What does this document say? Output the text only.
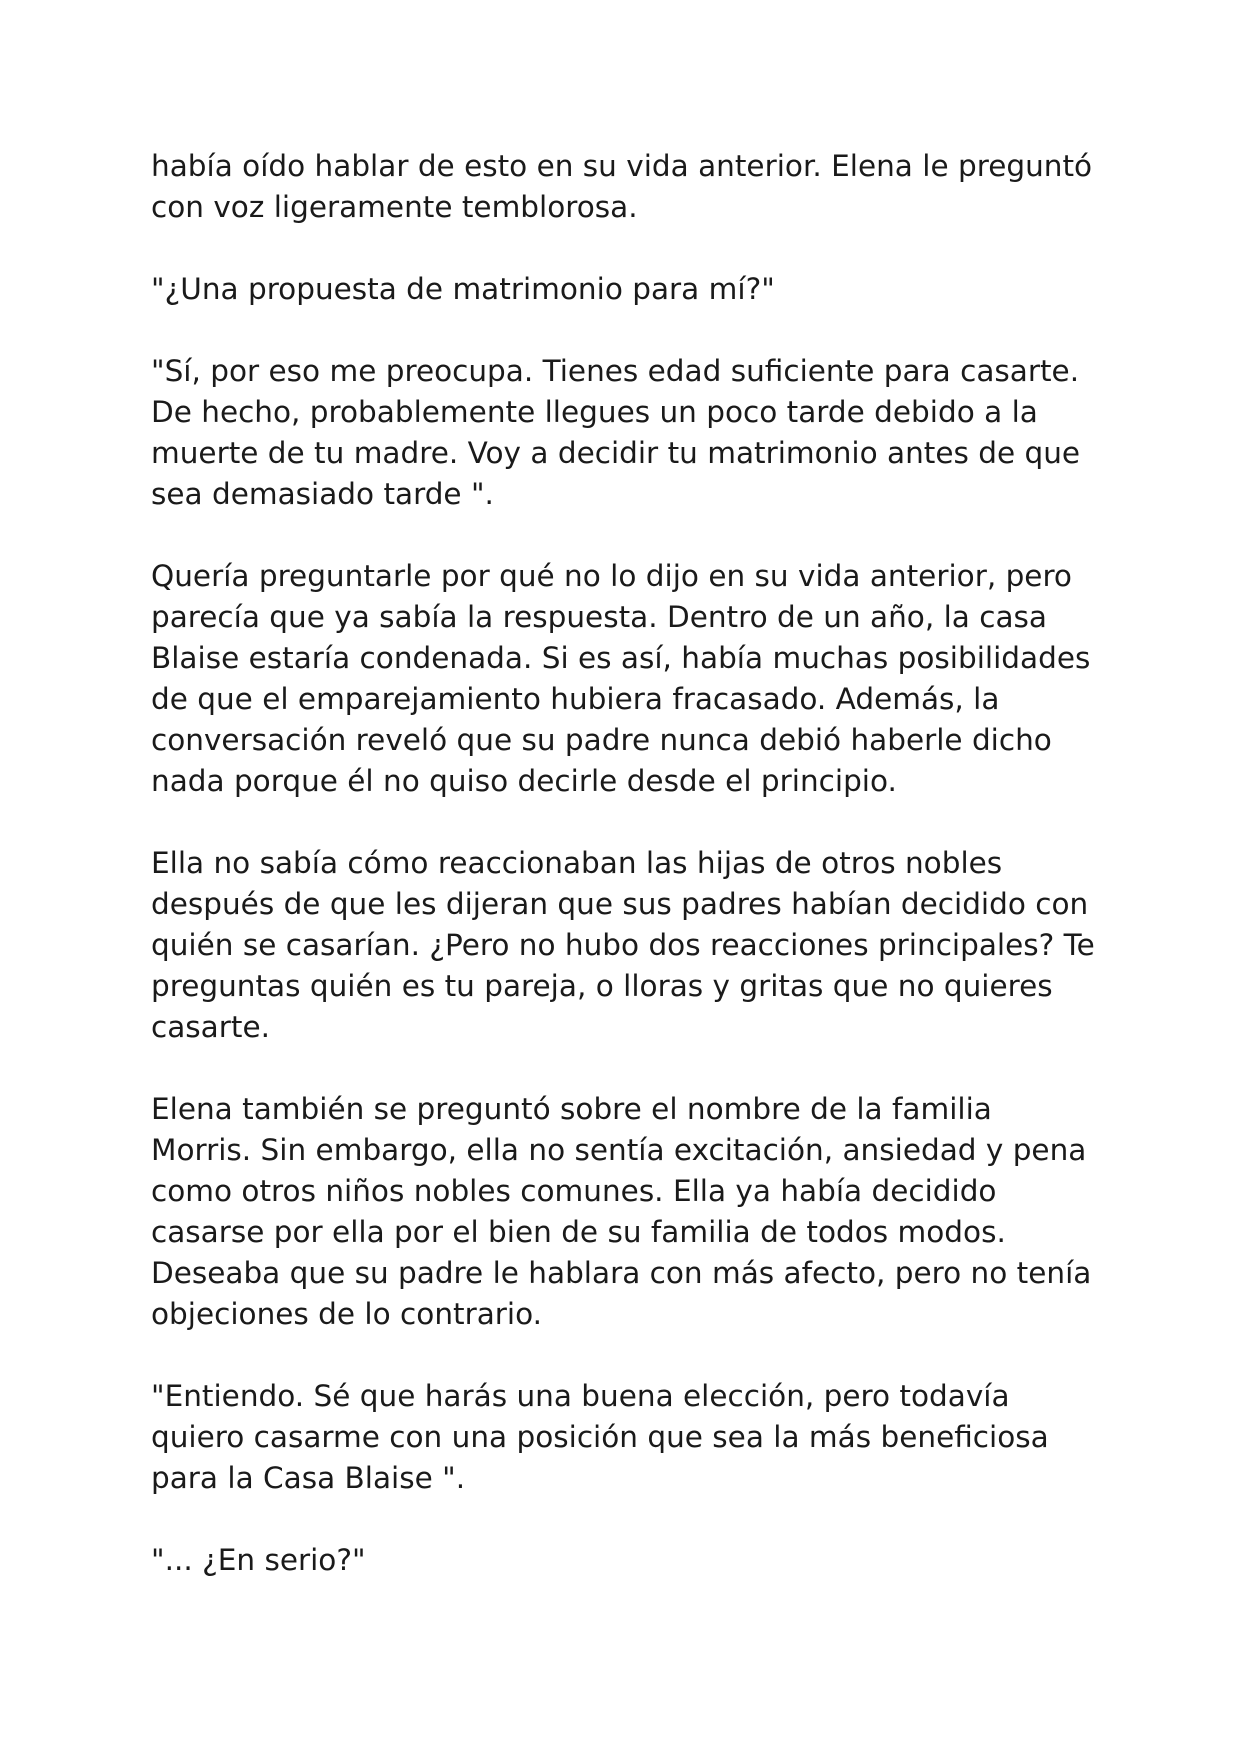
había oído hablar de esto en su vida anterior. Elena le preguntó
con voz ligeramente temblorosa.

"¿Una propuesta de matrimonio para mí?"

"Sí, por eso me preocupa. Tienes edad suficiente para casarte.
De hecho, probablemente llegues un poco tarde debido a la
muerte de tu madre. Voy a decidir tu matrimonio antes de que
sea demasiado tarde ".

Quería preguntarle por qué no lo dijo en su vida anterior, pero
parecía que ya sabía la respuesta. Dentro de un año, la casa
Blaise estaría condenada. Si es así, había muchas posibilidades
de que el emparejamiento hubiera fracasado. Además, la
conversación reveló que su padre nunca debió haberle dicho
nada porque él no quiso decirle desde el principio.

Ella no sabía cómo reaccionaban las hijas de otros nobles
después de que les dijeran que sus padres habían decidido con
quién se casarían. ¿Pero no hubo dos reacciones principales? Te
preguntas quién es tu pareja, o lloras y gritas que no quieres
casarte.

Elena también se preguntó sobre el nombre de la familia
Morris. Sin embargo, ella no sentía excitación, ansiedad y pena
como otros niños nobles comunes. Ella ya había decidido
casarse por ella por el bien de su familia de todos modos.
Deseaba que su padre le hablara con más afecto, pero no tenía
objeciones de lo contrario.

"Entiendo. Sé que harás una buena elección, pero todavía
quiero casarme con una posición que sea la más beneficiosa
para la Casa Blaise ".

"... ¿En serio?"
